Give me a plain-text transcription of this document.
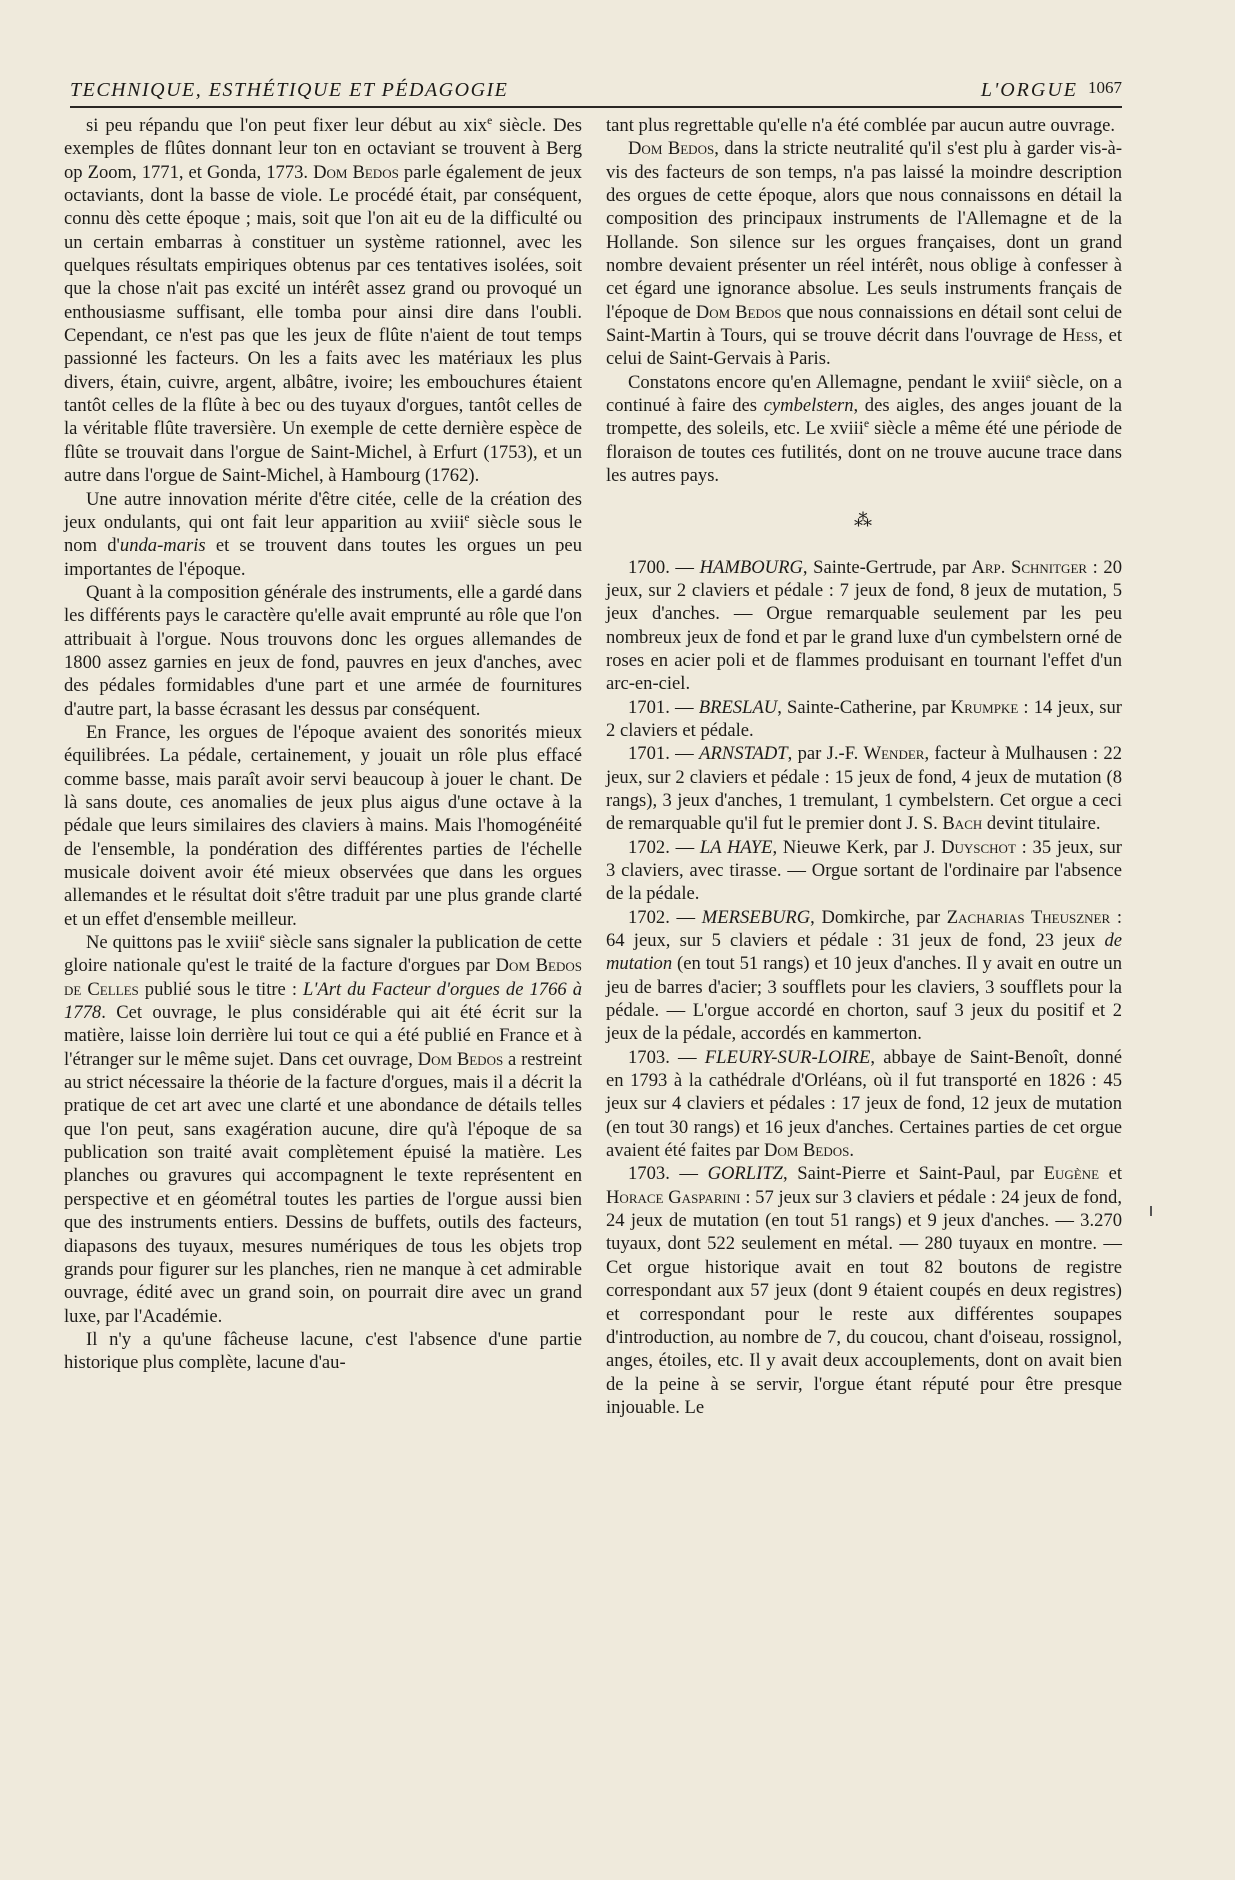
TECHNIQUE, ESTHÉTIQUE ET PÉDAGOGIE	L'ORGUE 1067

si peu répandu que l'on peut fixer leur début au xix$^e$ siècle. Des exemples de flûtes donnant leur ton en octaviant se trouvent à Berg op Zoom, 1771, et Gonda, 1773. Dom Bedos parle également de jeux octaviants, dont la basse de viole. Le procédé était, par conséquent, connu dès cette époque ; mais, soit que l'on ait eu de la difficulté ou un certain embarras à constituer un système rationnel, avec les quelques résultats empiriques obtenus par ces tentatives isolées, soit que la chose n'ait pas excité un intérêt assez grand ou provoqué un enthousiasme suffisant, elle tomba pour ainsi dire dans l'oubli. Cependant, ce n'est pas que les jeux de flûte n'aient de tout temps passionné les facteurs. On les a faits avec les matériaux les plus divers, étain, cuivre, argent, albâtre, ivoire; les embouchures étaient tantôt celles de la flûte à bec ou des tuyaux d'orgues, tantôt celles de la véritable flûte traversière. Un exemple de cette dernière espèce de flûte se trouvait dans l'orgue de Saint-Michel, à Erfurt (1753), et un autre dans l'orgue de Saint-Michel, à Hambourg (1762).

Une autre innovation mérite d'être citée, celle de la création des jeux ondulants, qui ont fait leur apparition au xviii$^e$ siècle sous le nom d'unda-maris et se trouvent dans toutes les orgues un peu importantes de l'époque.

Quant à la composition générale des instruments, elle a gardé dans les différents pays le caractère qu'elle avait emprunté au rôle que l'on attribuait à l'orgue. Nous trouvons donc les orgues allemandes de 1800 assez garnies en jeux de fond, pauvres en jeux d'anches, avec des pédales formidables d'une part et une armée de fournitures d'autre part, la basse écrasant les dessus par conséquent.

En France, les orgues de l'époque avaient des sonorités mieux équilibrées. La pédale, certainement, y jouait un rôle plus effacé comme basse, mais paraît avoir servi beaucoup à jouer le chant. De là sans doute, ces anomalies de jeux plus aigus d'une octave à la pédale que leurs similaires des claviers à mains. Mais l'homogénéité de l'ensemble, la pondération des différentes parties de l'échelle musicale doivent avoir été mieux observées que dans les orgues allemandes et le résultat doit s'être traduit par une plus grande clarté et un effet d'ensemble meilleur.

Ne quittons pas le xviii$^e$ siècle sans signaler la publication de cette gloire nationale qu'est le traité de la facture d'orgues par Dom Bedos de Celles publié sous le titre : L'Art du Facteur d'orgues de 1766 à 1778. Cet ouvrage, le plus considérable qui ait été écrit sur la matière, laisse loin derrière lui tout ce qui a été publié en France et à l'étranger sur le même sujet. Dans cet ouvrage, Dom Bedos a restreint au strict nécessaire la théorie de la facture d'orgues, mais il a décrit la pratique de cet art avec une clarté et une abondance de détails telles que l'on peut, sans exagération aucune, dire qu'à l'époque de sa publication son traité avait complètement épuisé la matière. Les planches ou gravures qui accompagnent le texte représentent en perspective et en géométral toutes les parties de l'orgue aussi bien que des instruments entiers. Dessins de buffets, outils des facteurs, diapasons des tuyaux, mesures numériques de tous les objets trop grands pour figurer sur les planches, rien ne manque à cet admirable ouvrage, édité avec un grand soin, on pourrait dire avec un grand luxe, par l'Académie.

Il n'y a qu'une fâcheuse lacune, c'est l'absence d'une partie historique plus complète, lacune d'au-

tant plus regrettable qu'elle n'a été comblée par aucun autre ouvrage.

Dom Bedos, dans la stricte neutralité qu'il s'est plu à garder vis-à-vis des facteurs de son temps, n'a pas laissé la moindre description des orgues de cette époque, alors que nous connaissons en détail la composition des principaux instruments de l'Allemagne et de la Hollande. Son silence sur les orgues françaises, dont un grand nombre devaient présenter un réel intérêt, nous oblige à confesser à cet égard une ignorance absolue. Les seuls instruments français de l'époque de Dom Bedos que nous connaissions en détail sont celui de Saint-Martin à Tours, qui se trouve décrit dans l'ouvrage de Hess, et celui de Saint-Gervais à Paris.

Constatons encore qu'en Allemagne, pendant le xviii$^e$ siècle, on a continué à faire des cymbelstern, des aigles, des anges jouant de la trompette, des soleils, etc. Le xviii$^e$ siècle a même été une période de floraison de toutes ces futilités, dont on ne trouve aucune trace dans les autres pays.

⁂

1700. — HAMBOURG, Sainte-Gertrude, par Arp. Schnitger : 20 jeux, sur 2 claviers et pédale : 7 jeux de fond, 8 jeux de mutation, 5 jeux d'anches. — Orgue remarquable seulement par les peu nombreux jeux de fond et par le grand luxe d'un cymbelstern orné de roses en acier poli et de flammes produisant en tournant l'effet d'un arc-en-ciel.

1701. — BRESLAU, Sainte-Catherine, par Krumpke : 14 jeux, sur 2 claviers et pédale.

1701. — ARNSTADT, par J.-F. Wender, facteur à Mulhausen : 22 jeux, sur 2 claviers et pédale : 15 jeux de fond, 4 jeux de mutation (8 rangs), 3 jeux d'anches, 1 tremulant, 1 cymbelstern. Cet orgue a ceci de remarquable qu'il fut le premier dont J. S. Bach devint titulaire.

1702. — LA HAYE, Nieuwe Kerk, par J. Duyschot : 35 jeux, sur 3 claviers, avec tirasse. — Orgue sortant de l'ordinaire par l'absence de la pédale.

1702. — MERSEBURG, Domkirche, par Zacharias Theuszner : 64 jeux, sur 5 claviers et pédale : 31 jeux de fond, 23 jeux de mutation (en tout 51 rangs) et 10 jeux d'anches. Il y avait en outre un jeu de barres d'acier; 3 soufflets pour les claviers, 3 soufflets pour la pédale. — L'orgue accordé en chorton, sauf 3 jeux du positif et 2 jeux de la pédale, accordés en kammerton.

1703. — FLEURY-SUR-LOIRE, abbaye de Saint-Benoît, donné en 1793 à la cathédrale d'Orléans, où il fut transporté en 1826 : 45 jeux sur 4 claviers et pédales : 17 jeux de fond, 12 jeux de mutation (en tout 30 rangs) et 16 jeux d'anches. Certaines parties de cet orgue avaient été faites par Dom Bedos.

1703. — GORLITZ, Saint-Pierre et Saint-Paul, par Eugène et Horace Gasparini : 57 jeux sur 3 claviers et pédale : 24 jeux de fond, 24 jeux de mutation (en tout 51 rangs) et 9 jeux d'anches. — 3.270 tuyaux, dont 522 seulement en métal. — 280 tuyaux en montre. — Cet orgue historique avait en tout 82 boutons de registre correspondant aux 57 jeux (dont 9 étaient coupés en deux registres) et correspondant pour le reste aux différentes soupapes d'introduction, au nombre de 7, du coucou, chant d'oiseau, rossignol, anges, étoiles, etc. Il y avait deux accouplements, dont on avait bien de la peine à se servir, l'orgue étant réputé pour être presque injouable. Le
